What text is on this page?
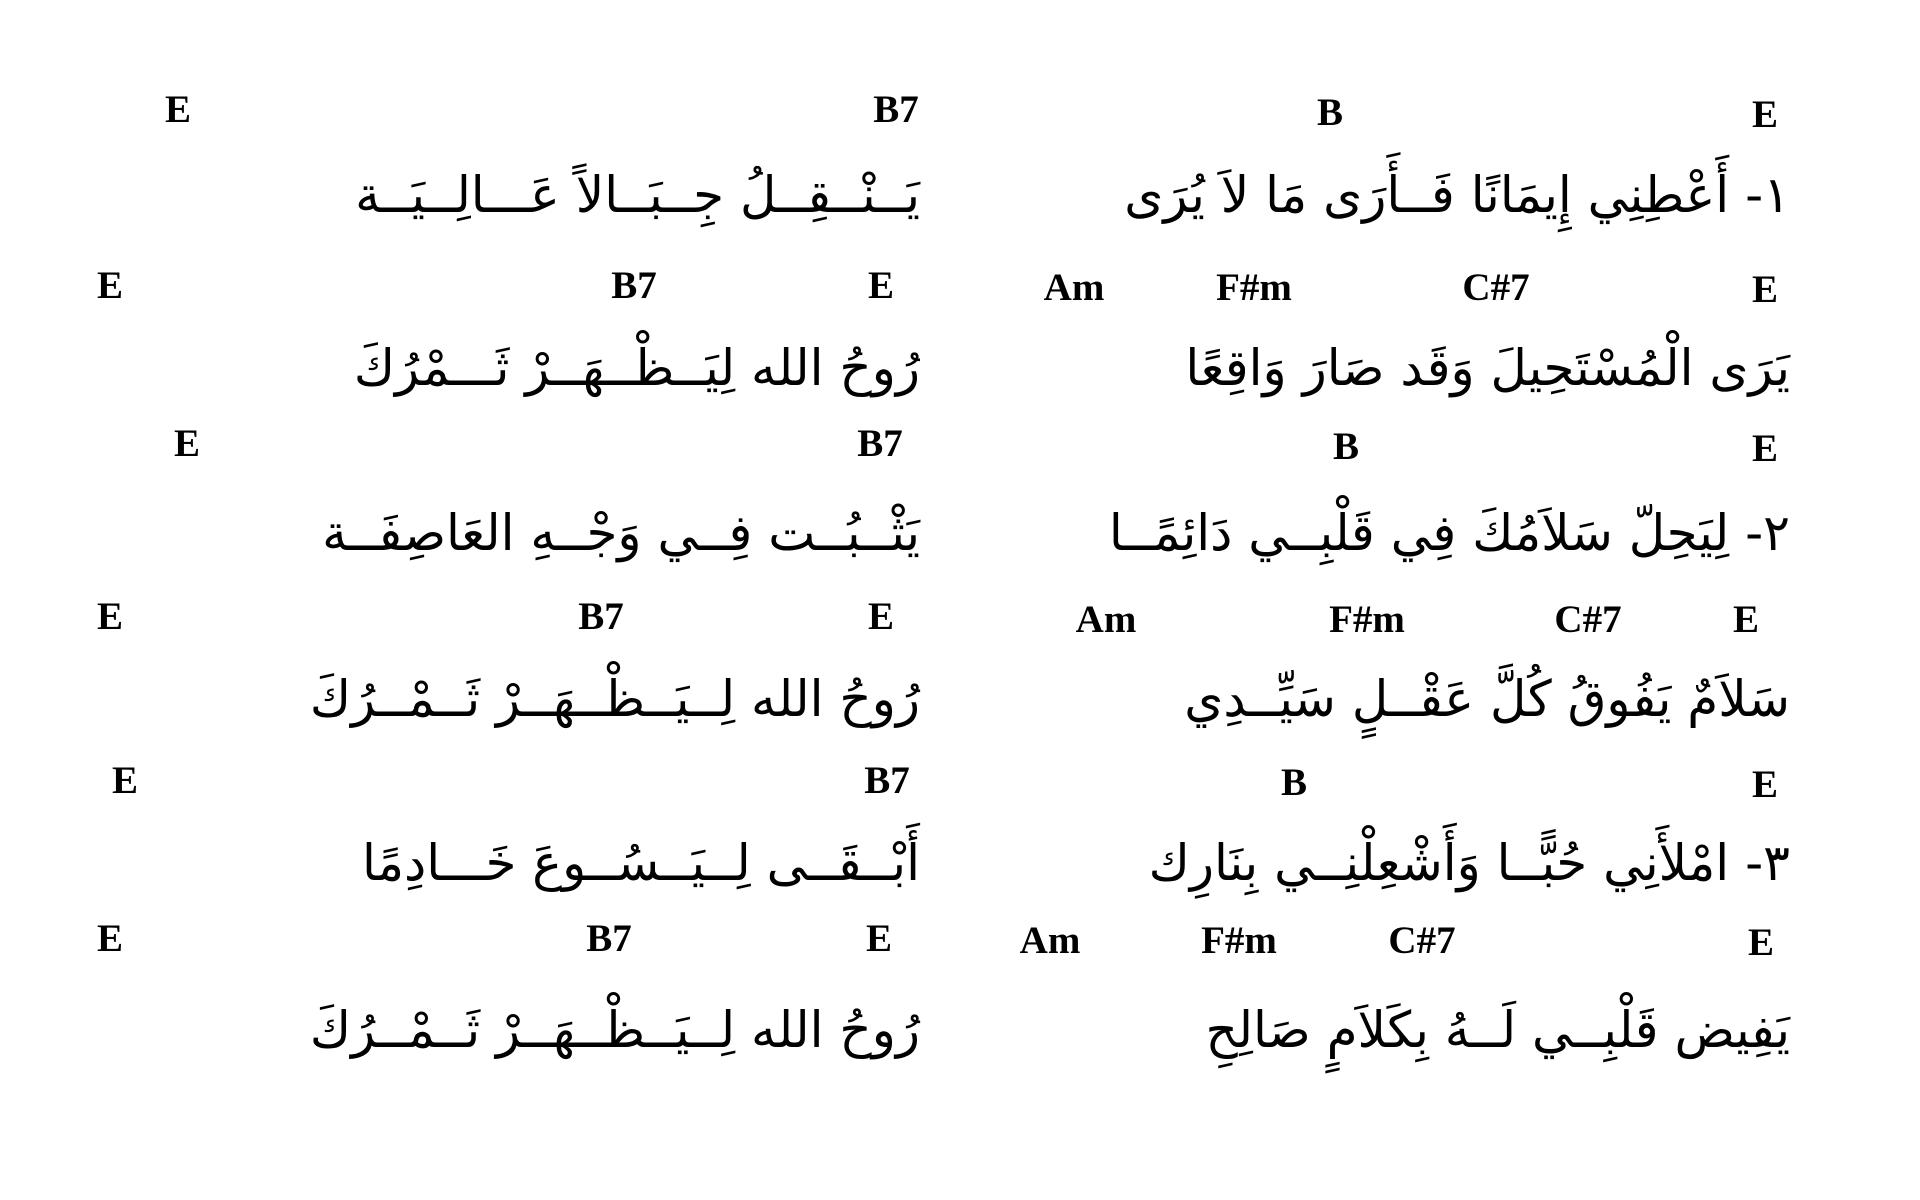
B	E
١- أَعْطِنِي إِيمَانًا فَــأَرَى مَا لاَ يُرَى
Am	F#m	C#7	E
يَرَى الْمُسْتَحِيلَ وَقَد صَارَ وَاقِعًا
B	E
٢- لِيَحِلّ سَلاَمُكَ فِي قَلْبِــي دَائِمًــا
Am	F#m	C#7	E
سَلاَمٌ يَفُوقُ كُلَّ عَقْــلٍ سَيِّــدِي
B	E
٣- امْلأَنِي حُبًّــا وَأَشْعِلْنِــي بِنَارِك
Am	F#m	C#7	E
يَفِيض قَلْبِــي لَــهُ بِكَلاَمٍ صَالِحِ
E	B7
يَــنْــقِــلُ جِــبَــالاً عَـــالِــيَــة
E	B7	E
رُوحُ الله لِيَــظْــهَــرْ ثَـــمْرُكَ
E	B7
يَثْــبُــت فِــي وَجْــهِ العَاصِفَــة
E	B7	E
رُوحُ الله لِــيَــظْــهَــرْ ثَــمْــرُكَ
E	B7
أَبْــقَــى لِــيَــسُــوعَ خَـــادِمًا
E	B7	E
رُوحُ الله لِــيَــظْــهَــرْ ثَــمْــرُكَ
